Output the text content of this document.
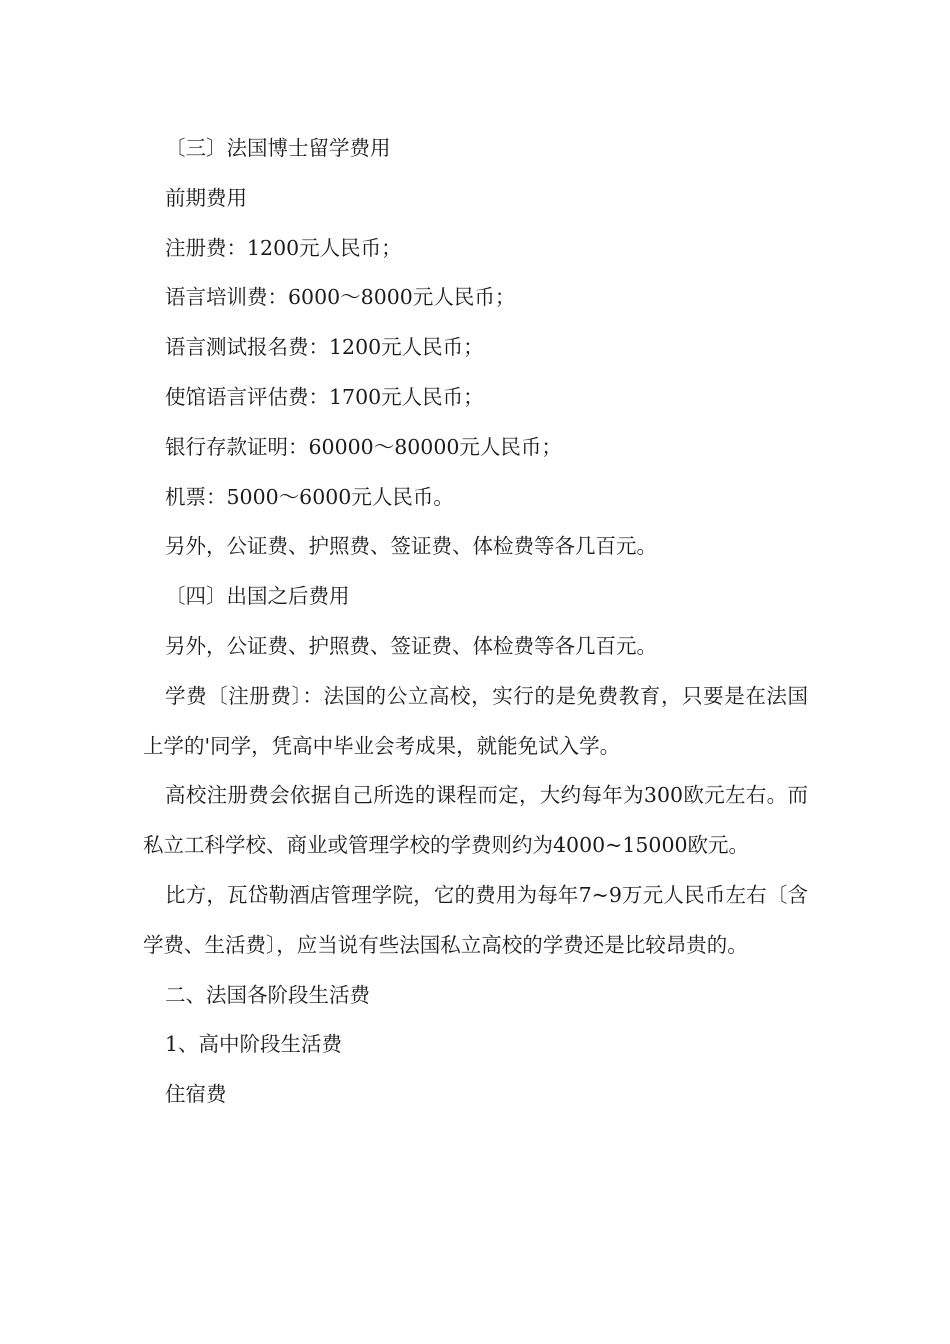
〔三〕法国博士留学费用

前期费用

注册费：1200元人民币；

语言培训费：6000～8000元人民币；

语言测试报名费：1200元人民币；

使馆语言评估费：1700元人民币；

银行存款证明：60000～80000元人民币；

机票：5000～6000元人民币。

另外，公证费、护照费、签证费、体检费等各几百元。

〔四〕出国之后费用

另外，公证费、护照费、签证费、体检费等各几百元。

学费〔注册费〕：法国的公立高校，实行的是免费教育，只要是在法国上学的'同学，凭高中毕业会考成果，就能免试入学。

高校注册费会依据自己所选的课程而定，大约每年为300欧元左右。而私立工科学校、商业或管理学校的学费则约为4000~15000欧元。

比方，瓦岱勒酒店管理学院，它的费用为每年7~9万元人民币左右〔含学费、生活费〕，应当说有些法国私立高校的学费还是比较昂贵的。

二、法国各阶段生活费

1、高中阶段生活费

住宿费
